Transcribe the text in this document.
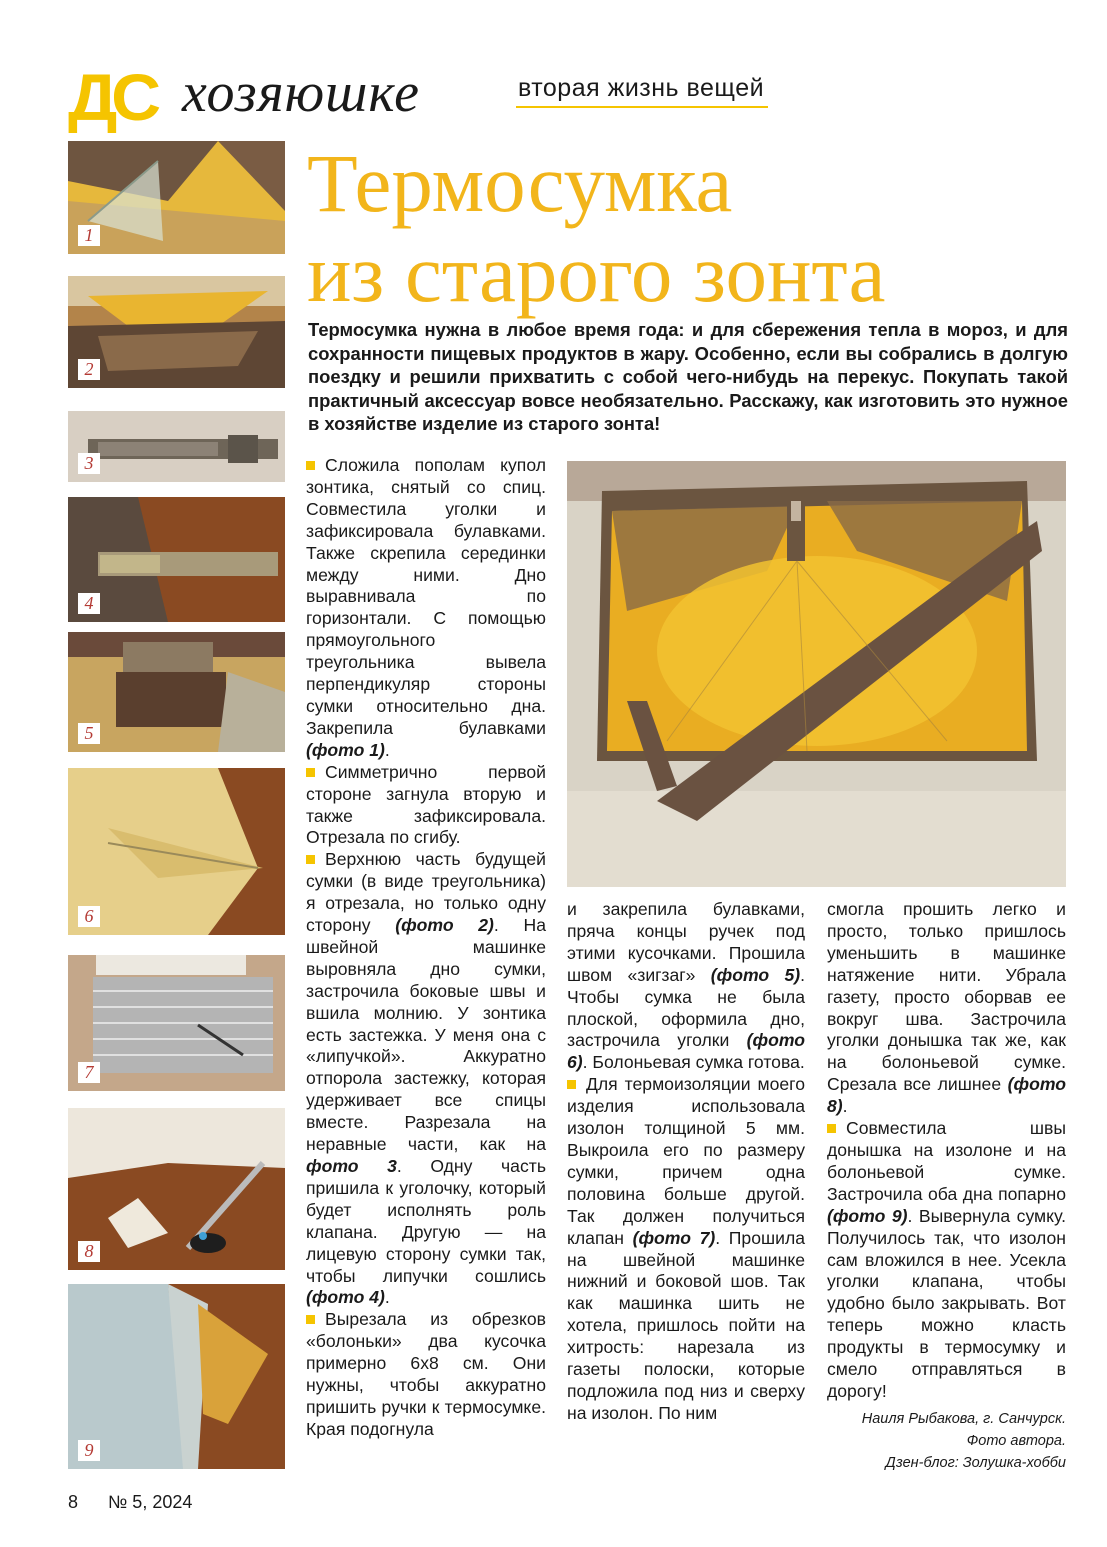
ДС хозяюшке	вторая жизнь вещей
Термосумка
из старого зонта
Термосумка нужна в любое время года: и для сбережения тепла в мороз, и для сохранности пищевых продуктов в жару. Особенно, если вы собрались в долгую поездку и решили прихватить с собой чего-нибудь на перекус. Покупать такой практичный аксессуар вовсе необязательно. Расскажу, как изготовить это нужное в хозяйстве изделие из старого зонта!
1
2
3
4
5
6
7
8
9

Сложила пополам купол зонтика, снятый со спиц. Совместила уголки и зафиксировала булавками. Также скрепила серединки между ними. Дно выравнивала по горизонтали. С помощью прямоугольного треугольника вывела перпендикуляр стороны сумки относительно дна. Закрепила булавками (фото 1).

Симметрично первой стороне загнула вторую и также зафиксировала. Отрезала по сгибу.

Верхнюю часть будущей сумки (в виде треугольника) я отрезала, но только одну сторону (фото 2). На швейной машинке выровняла дно сумки, застрочила боковые швы и вшила молнию. У зонтика есть застежка. У меня она с «липучкой». Аккуратно отпорола застежку, которая удерживает все спицы вместе. Разрезала на неравные части, как на фото 3. Одну часть пришила к уголочку, который будет исполнять роль клапана. Другую — на лицевую сторону сумки так, чтобы липучки сошлись (фото 4).

Вырезала из обрезков «болоньки» два кусочка примерно 6х8 см. Они нужны, чтобы аккуратно пришить ручки к термосумке. Края подогнула

и закрепила булавками, пряча концы ручек под этими кусочками. Прошила швом «зигзаг» (фото 5). Чтобы сумка не была плоской, оформила дно, застрочила уголки (фото 6). Болоньевая сумка готова.

Для термоизоляции моего изделия использовала изолон толщиной 5 мм. Выкроила его по размеру сумки, причем одна половина больше другой. Так должен получиться клапан (фото 7). Прошила на швейной машинке нижний и боковой шов. Так как машинка шить не хотела, пришлось пойти на хитрость: нарезала из газеты полоски, которые подложила под низ и сверху на изолон. По ним

смогла прошить легко и просто, только пришлось уменьшить в машинке натяжение нити. Убрала газету, просто оборвав ее вокруг шва. Застрочила уголки донышка так же, как на болоньевой сумке. Срезала все лишнее (фото 8).

Совместила швы донышка на изолоне и на болоньевой сумке. Застрочила оба дна попарно (фото 9). Вывернула сумку. Получилось так, что изолон сам вложился в нее. Усекла уголки клапана, чтобы удобно было закрывать. Вот теперь можно класть продукты в термосумку и смело отправляться в дорогу!

Наиля Рыбакова, г. Санчурск.
Фото автора.
Дзен-блог: Золушка-хобби
8 № 5, 2024
